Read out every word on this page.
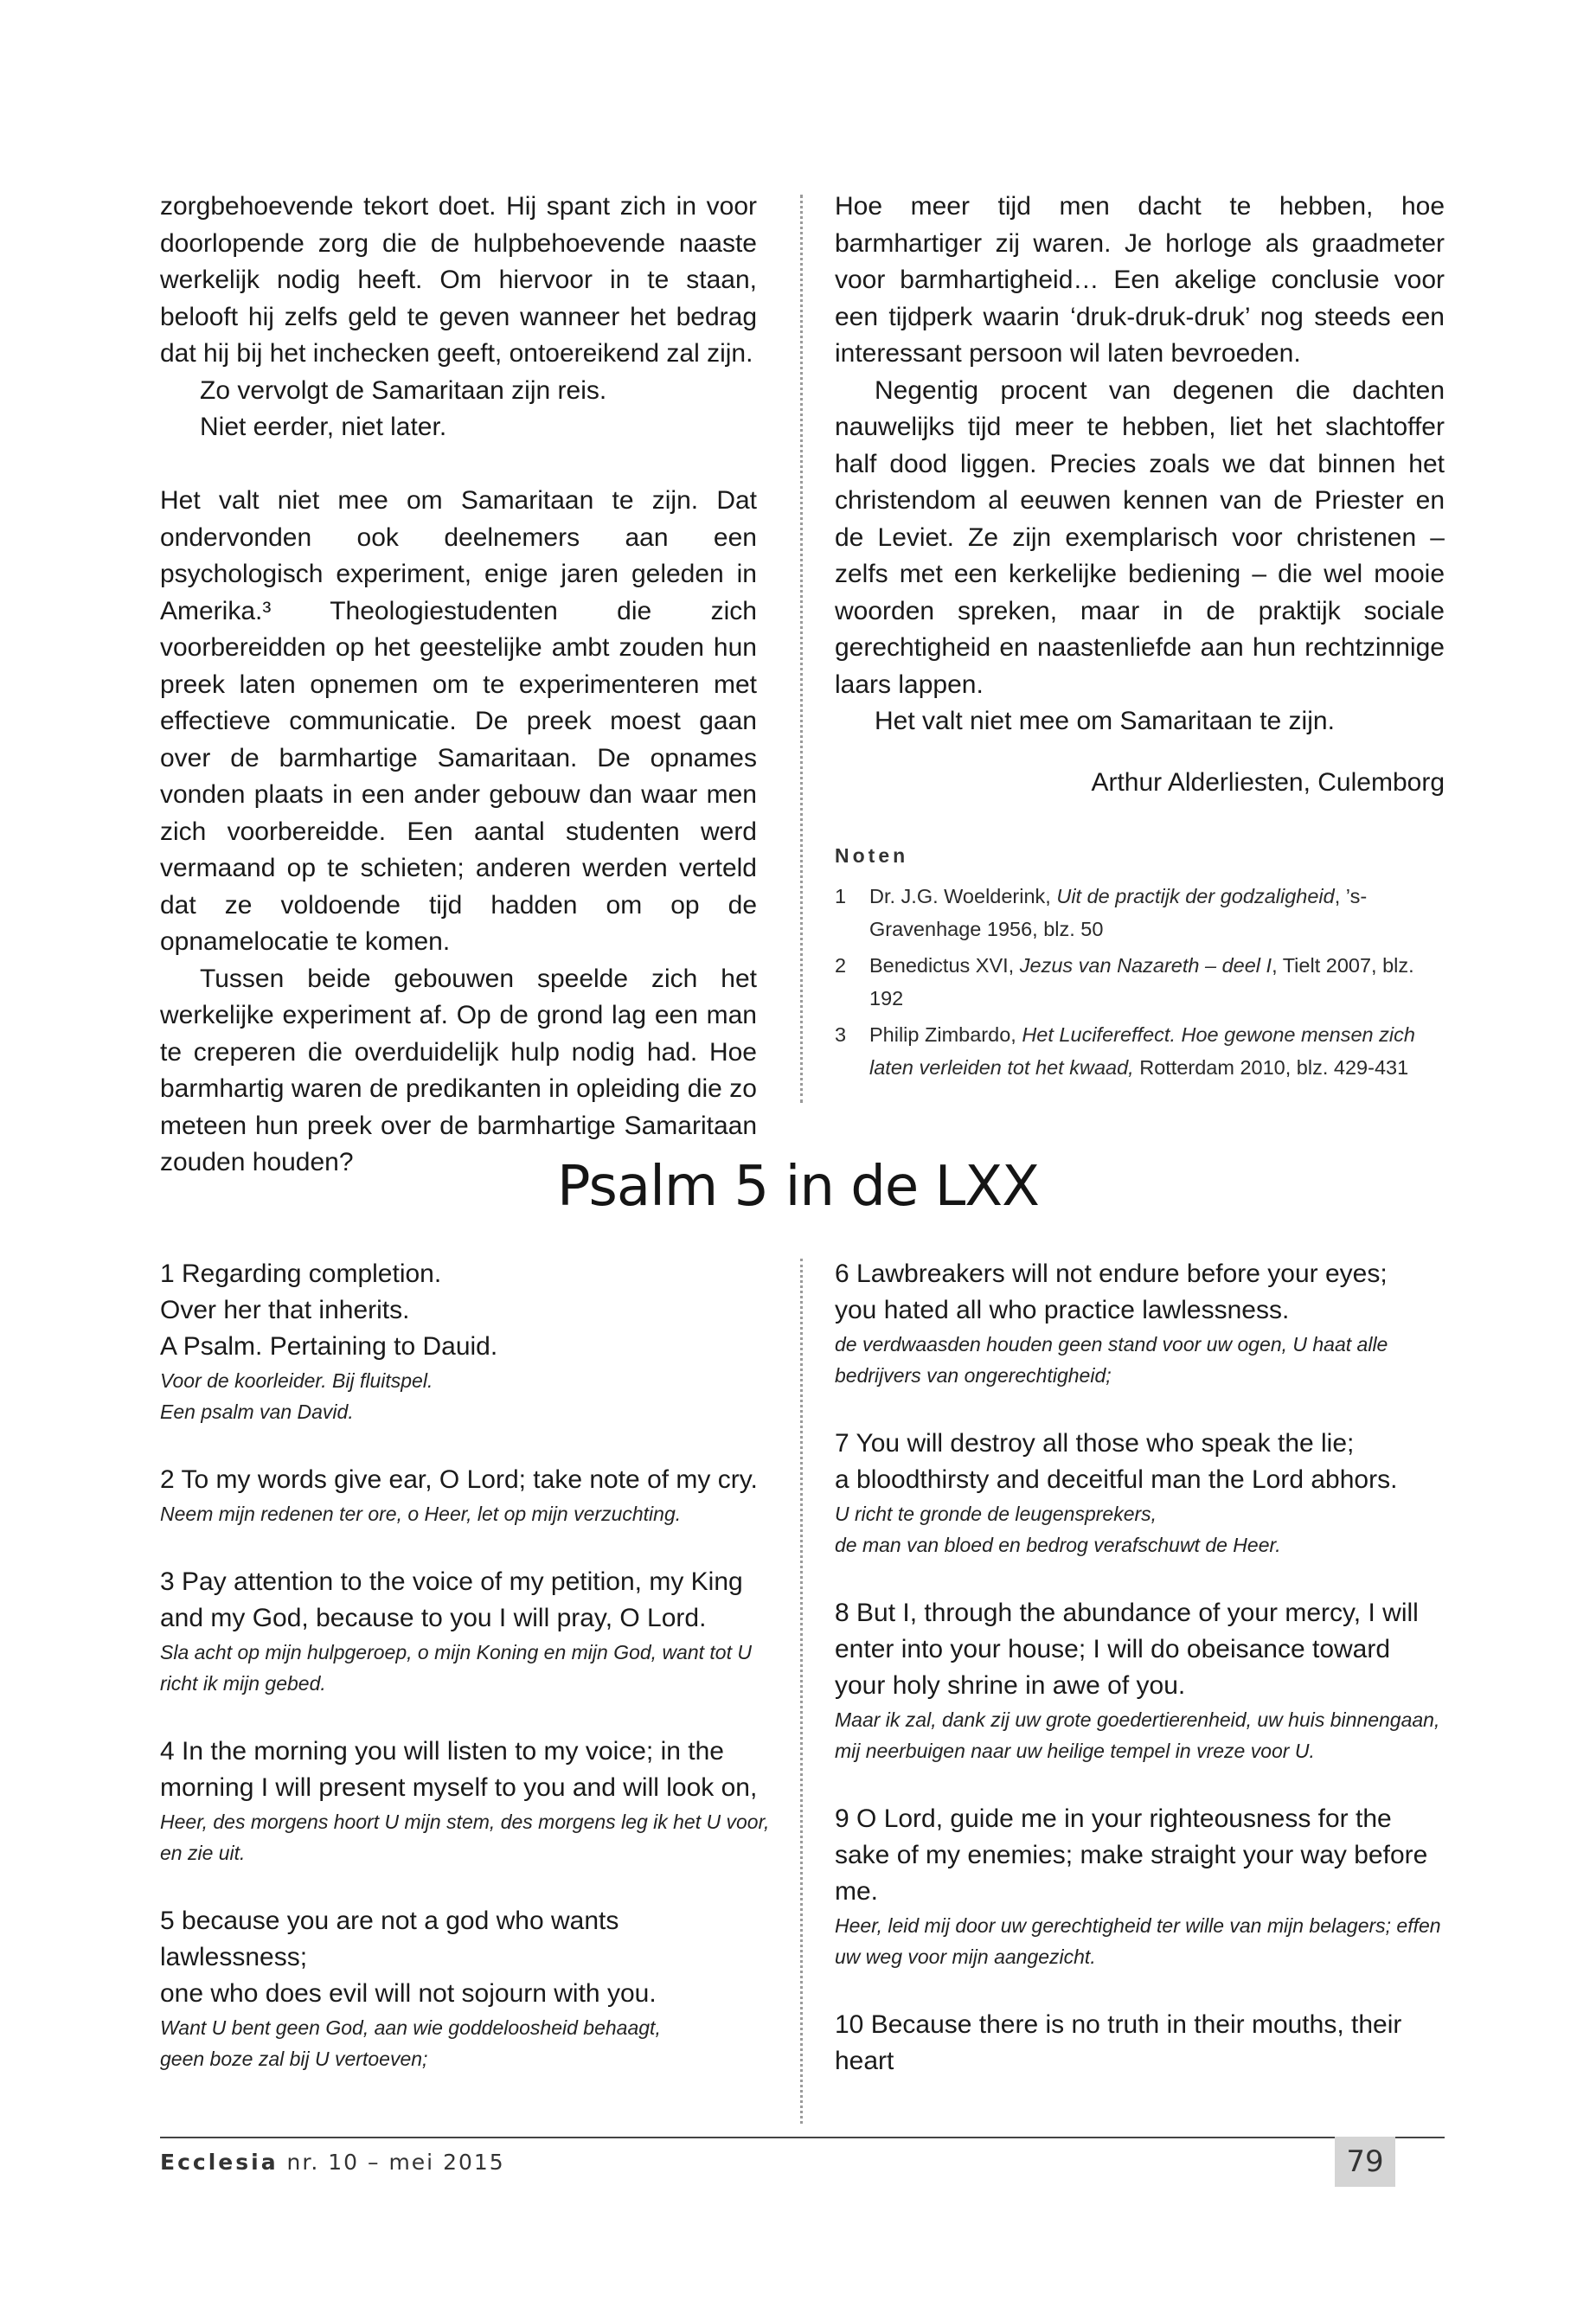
zorgbehoevende tekort doet. Hij spant zich in voor doorlopende zorg die de hulpbehoevende naaste werkelijk nodig heeft. Om hiervoor in te staan, belooft hij zelfs geld te geven wanneer het bedrag dat hij bij het inchecken geeft, ontoereikend zal zijn.

Zo vervolgt de Samaritaan zijn reis.

Niet eerder, niet later.

Het valt niet mee om Samaritaan te zijn. Dat ondervonden ook deelnemers aan een psychologisch experiment, enige jaren geleden in Amerika.³ Theologiestudenten die zich voorbereidden op het geestelijke ambt zouden hun preek laten opnemen om te experimenteren met effectieve communicatie. De preek moest gaan over de barmhartige Samaritaan. De opnames vonden plaats in een ander gebouw dan waar men zich voorbereidde. Een aantal studenten werd vermaand op te schieten; anderen werden verteld dat ze voldoende tijd hadden om op de opnamelocatie te komen.

Tussen beide gebouwen speelde zich het werkelijke experiment af. Op de grond lag een man te creperen die overduidelijk hulp nodig had. Hoe barmhartig waren de predikanten in opleiding die zo meteen hun preek over de barmhartige Samaritaan zouden houden?

Hoe meer tijd men dacht te hebben, hoe barmhartiger zij waren. Je horloge als graadmeter voor barmhartigheid… Een akelige conclusie voor een tijdperk waarin ‘druk-druk-druk’ nog steeds een interessant persoon wil laten bevroeden.

Negentig procent van degenen die dachten nauwelijks tijd meer te hebben, liet het slachtoffer half dood liggen. Precies zoals we dat binnen het christendom al eeuwen kennen van de Priester en de Leviet. Ze zijn exemplarisch voor christenen – zelfs met een kerkelijke bediening – die wel mooie woorden spreken, maar in de praktijk sociale gerechtigheid en naastenliefde aan hun rechtzinnige laars lappen.

Het valt niet mee om Samaritaan te zijn.

Arthur Alderliesten, Culemborg

Noten
1	Dr. J.G. Woelderink, Uit de practijk der godzaligheid, ’s-Gravenhage 1956, blz. 50
2	Benedictus XVI, Jezus van Nazareth – deel I, Tielt 2007, blz. 192
3	Philip Zimbardo, Het Lucifereffect. Hoe gewone mensen zich laten verleiden tot het kwaad, Rotterdam 2010, blz. 429-431
Psalm 5 in de LXX
1 Regarding completion.
Over her that inherits.
A Psalm. Pertaining to Dauid.
Voor de koorleider. Bij fluitspel.
Een psalm van David.
2 To my words give ear, O Lord; take note of my cry.
Neem mijn redenen ter ore, o Heer, let op mijn verzuchting.
3 Pay attention to the voice of my petition, my King and my God, because to you I will pray, O Lord.
Sla acht op mijn hulpgeroep, o mijn Koning en mijn God, want tot U richt ik mijn gebed.
4 In the morning you will listen to my voice; in the morning I will present myself to you and will look on,
Heer, des morgens hoort U mijn stem, des morgens leg ik het U voor, en zie uit.
5 because you are not a god who wants lawlessness;
one who does evil will not sojourn with you.
Want U bent geen God, aan wie goddeloosheid behaagt,
geen boze zal bij U vertoeven;
6 Lawbreakers will not endure before your eyes;
you hated all who practice lawlessness.
de verdwaasden houden geen stand voor uw ogen, U haat alle bedrijvers van ongerechtigheid;
7 You will destroy all those who speak the lie;
a bloodthirsty and deceitful man the Lord abhors.
U richt te gronde de leugensprekers,
de man van bloed en bedrog verafschuwt de Heer.
8 But I, through the abundance of your mercy, I will enter into your house; I will do obeisance toward your holy shrine in awe of you.
Maar ik zal, dank zij uw grote goedertierenheid, uw huis binnengaan, mij neerbuigen naar uw heilige tempel in vreze voor U.
9 O Lord, guide me in your righteousness for the sake of my enemies; make straight your way before me.
Heer, leid mij door uw gerechtigheid ter wille van mijn belagers; effen uw weg voor mijn aangezicht.
10 Because there is no truth in their mouths, their heart
Ecclesia nr. 10 – mei 2015	79
